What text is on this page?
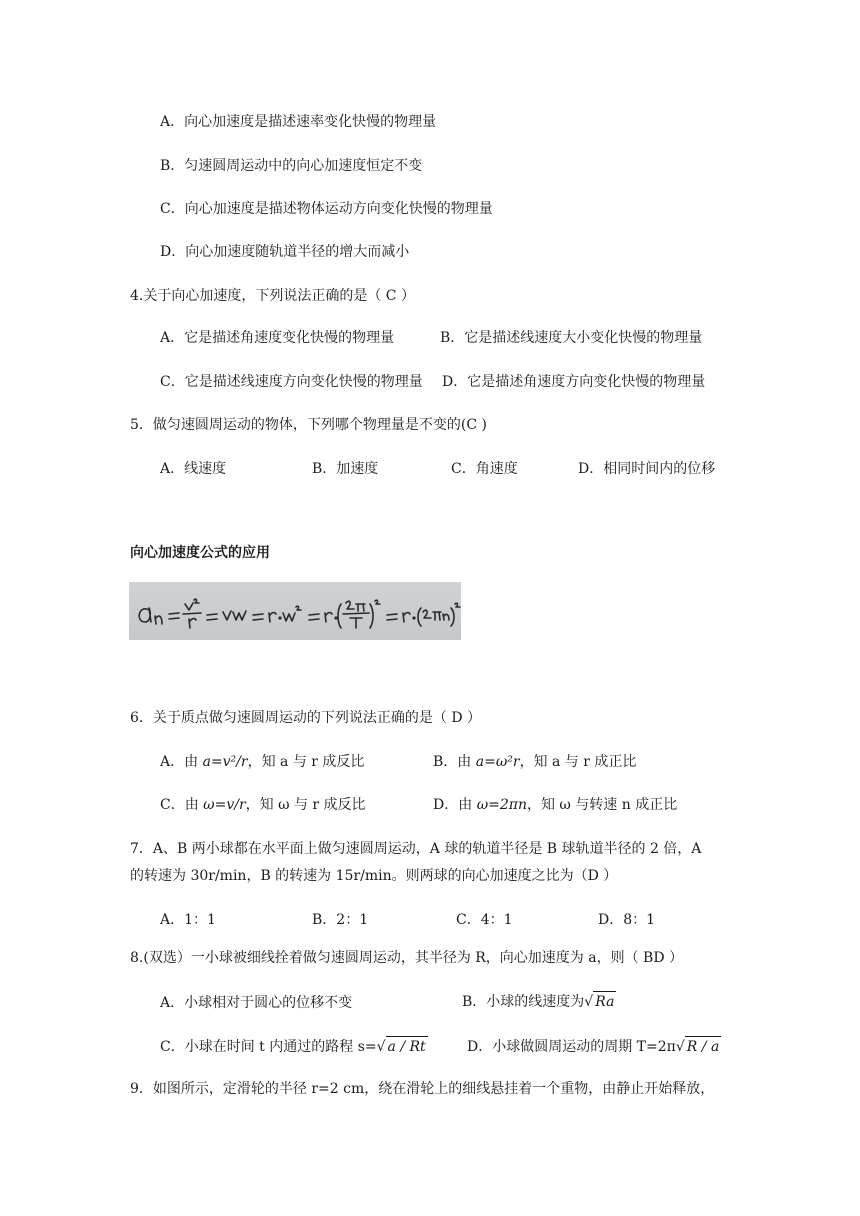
A．向心加速度是描述速率变化快慢的物理量
B．匀速圆周运动中的向心加速度恒定不变
C．向心加速度是描述物体运动方向变化快慢的物理量
D．向心加速度随轨道半径的增大而减小
4.关于向心加速度，下列说法正确的是（ C ）
A．它是描述角速度变化快慢的物理量	B．它是描述线速度大小变化快慢的物理量
C．它是描述线速度方向变化快慢的物理量 D．它是描述角速度方向变化快慢的物理量
5．做匀速圆周运动的物体，下列哪个物理量是不变的(C )
A．线速度	B．加速度	C．角速度	D．相同时间内的位移
向心加速度公式的应用
6．关于质点做匀速圆周运动的下列说法正确的是（ D ）
A．由 a=v²/r，知 a 与 r 成反比	B．由 a=ω²r，知 a 与 r 成正比
C．由 ω=v/r，知 ω 与 r 成反比	D．由 ω=2πn，知 ω 与转速 n 成正比
7．A、B 两小球都在水平面上做匀速圆周运动，A 球的轨道半径是 B 球轨道半径的 2 倍，A
的转速为 30r/min，B 的转速为 15r/min。则两球的向心加速度之比为（D ）
A．1：1	B．2：1	C．4：1	D．8：1
8.(双选）一小球被细线拴着做匀速圆周运动，其半径为 R，向心加速度为 a，则（ BD ）
A．小球相对于圆心的位移不变	B．小球的线速度为√ Ra
C．小球在时间 t 内通过的路程 s=√ a / Rt	D．小球做圆周运动的周期 T=2π√ R / a
9．如图所示，定滑轮的半径 r=2 cm，绕在滑轮上的细线悬挂着一个重物，由静止开始释放，
